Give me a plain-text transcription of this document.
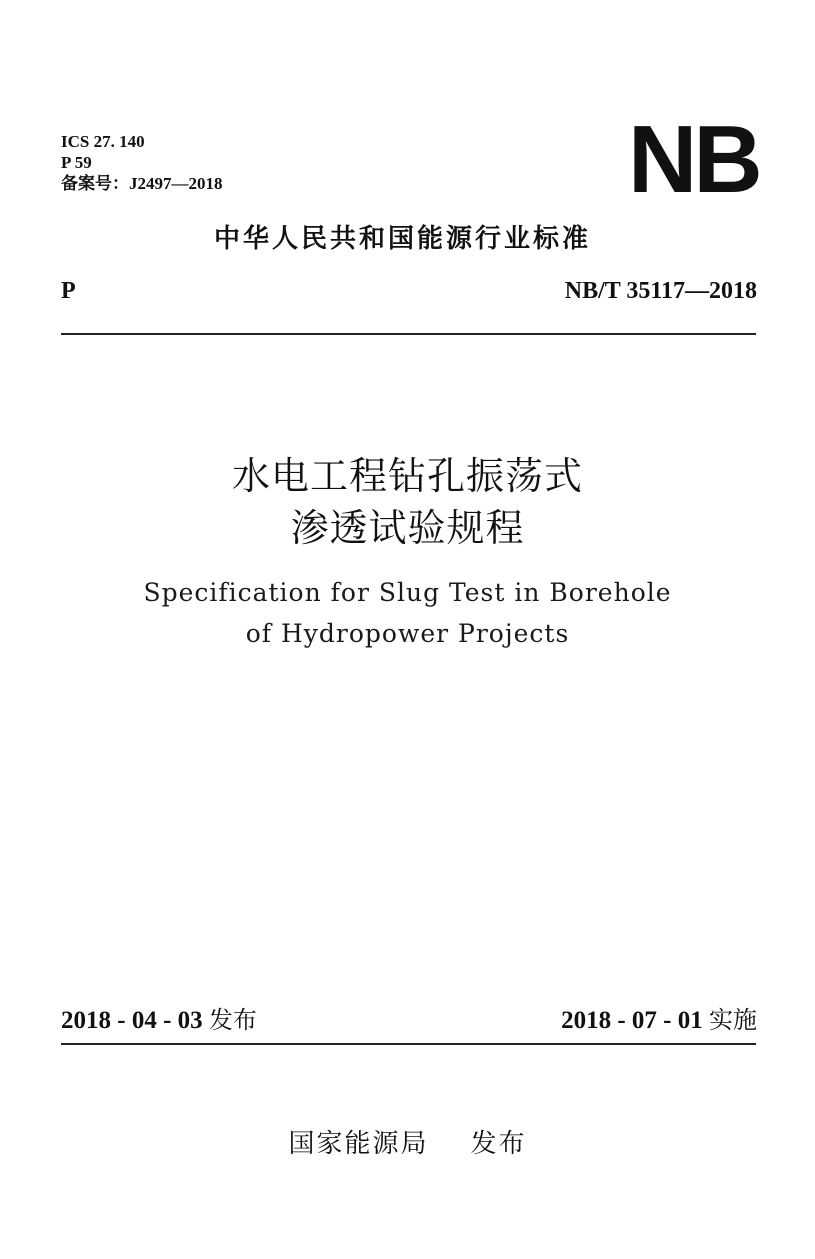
ICS 27. 140
P 59
备案号：J2497—2018	NB
中华人民共和国能源行业标准
P	NB/T 35117—2018
水电工程钻孔振荡式
渗透试验规程
Specification for Slug Test in Borehole
of Hydropower Projects
2018 - 04 - 03 发布	2018 - 07 - 01 实施
国家能源局 发布
